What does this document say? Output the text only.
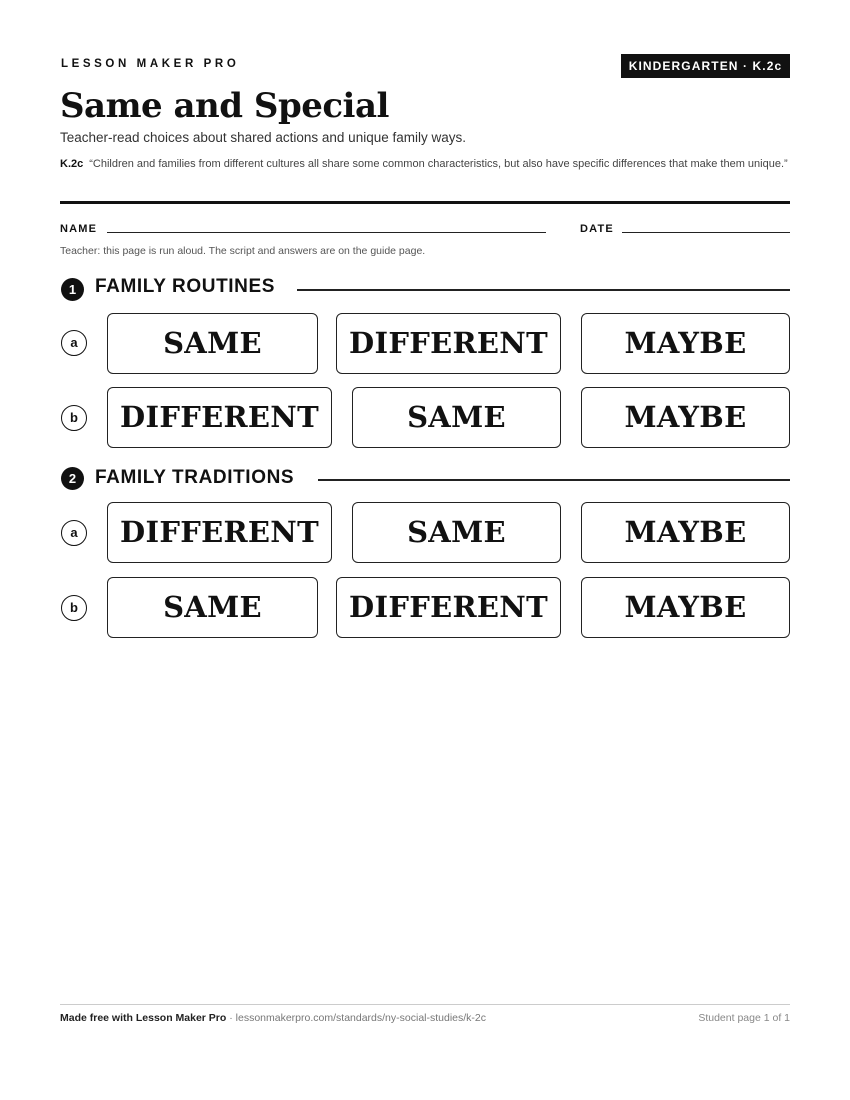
LESSON MAKER PRO	KINDERGARTEN · K.2c
Same and Special
Teacher-read choices about shared actions and unique family ways.
K.2c “Children and families from different cultures all share some common characteristics, but also have specific differences that make them unique.”
NAME	DATE
Teacher: this page is run aloud. The script and answers are on the guide page.
1 FAMILY ROUTINES
a	SAME	DIFFERENT	MAYBE
b	DIFFERENT	SAME	MAYBE
2 FAMILY TRADITIONS
a	DIFFERENT	SAME	MAYBE
b	SAME	DIFFERENT	MAYBE
Made free with Lesson Maker Pro · lessonmakerpro.com/standards/ny-social-studies/k-2c	Student page 1 of 1
